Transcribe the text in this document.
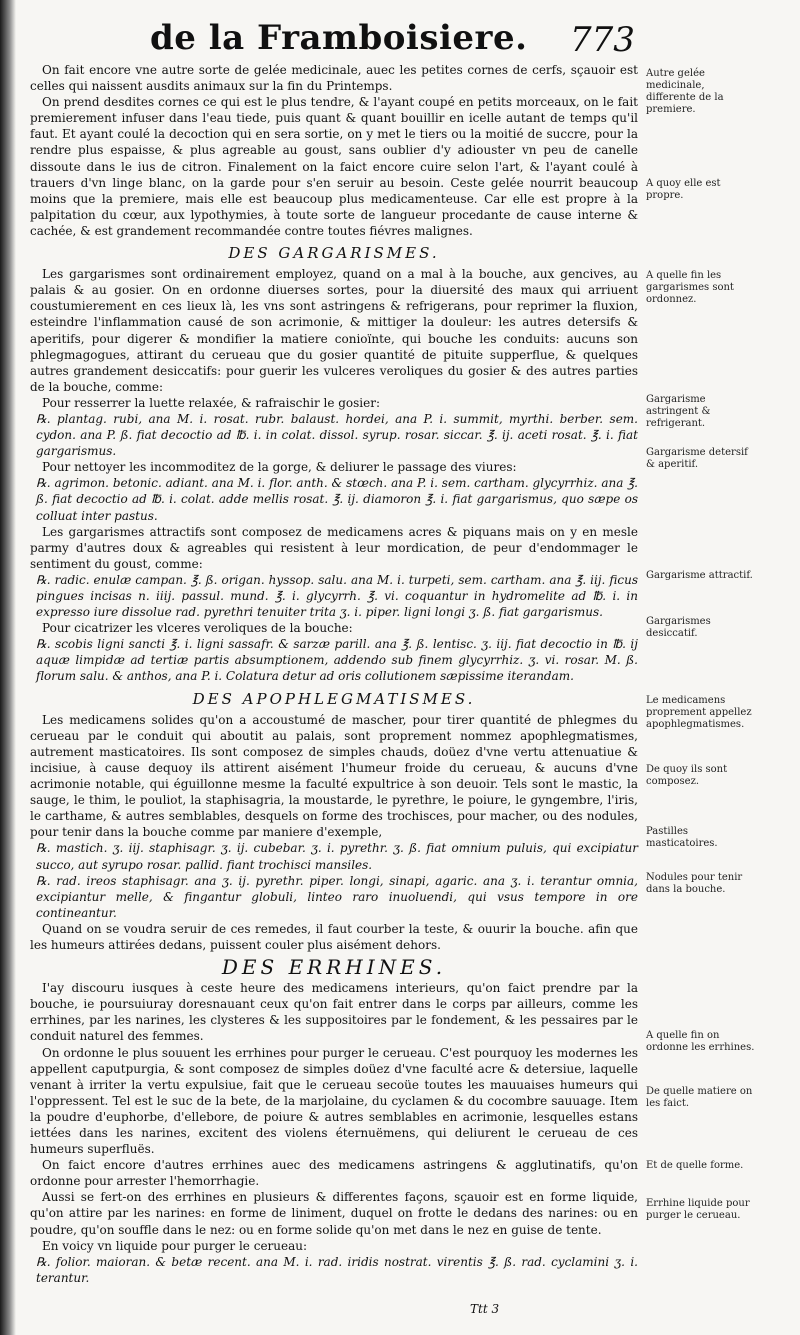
de la Framboisiere.	773

On fait encore vne autre sorte de gelée medicinale, auec les petites cornes de cerfs, sçauoir est celles qui naissent ausdits animaux sur la fin du Printemps.

On prend desdites cornes ce qui est le plus tendre, & l'ayant coupé en petits morceaux, on le fait premierement infuser dans l'eau tiede, puis quant & quant bouillir en icelle autant de temps qu'il faut. Et ayant coulé la decoction qui en sera sortie, on y met le tiers ou la moitié de succre, pour la rendre plus espaisse, & plus agreable au goust, sans oublier d'y adiouster vn peu de canelle dissoute dans le ius de citron. Finalement on la faict encore cuire selon l'art, & l'ayant coulé à trauers d'vn linge blanc, on la garde pour s'en seruir au besoin. Ceste gelée nourrit beaucoup moins que la premiere, mais elle est beaucoup plus medicamenteuse. Car elle est propre à la palpitation du cœur, aux lypothymies, à toute sorte de langueur procedante de cause interne & cachée, & est grandement recommandée contre toutes fiévres malignes.

DES GARGARISMES.

Les gargarismes sont ordinairement employez, quand on a mal à la bouche, aux gencives, au palais & au gosier. On en ordonne diuerses sortes, pour la diuersité des maux qui arriuent coustumierement en ces lieux là, les vns sont astringens & refrigerans, pour reprimer la fluxion, esteindre l'inflammation causé de son acrimonie, & mittiger la douleur: les autres detersifs & aperitifs, pour digerer & mondifier la matiere conioïnte, qui bouche les conduits: aucuns son phlegmagogues, attirant du cerueau que du gosier quantité de pituite supperflue, & quelques autres grandement desiccatifs: pour guerir les vulceres veroliques du gosier & des autres parties de la bouche, comme:

Pour resserrer la luette relaxée, & rafraischir le gosier:

℞. plantag. rubi, ana M. i. rosat. rubr. balaust. hordei, ana P. i. summit, myrthi. berber. sem. cydon. ana P. ß. fiat decoctio ad ℔. i. in colat. dissol. syrup. rosar. siccar. ℥. ij. aceti rosat. ℥. i. fiat gargarismus.

Pour nettoyer les incommoditez de la gorge, & deliurer le passage des viures:

℞. agrimon. betonic. adiant. ana M. i. flor. anth. & stœch. ana P. i. sem. cartham. glycyrrhiz. ana ℥. ß. fiat decoctio ad ℔. i. colat. adde mellis rosat. ℥. ij. diamoron ℥. i. fiat gargarismus, quo sæpe os colluat inter pastus.

Les gargarismes attractifs sont composez de medicamens acres & piquans mais on y en mesle parmy d'autres doux & agreables qui resistent à leur mordication, de peur d'endommager le sentiment du goust, comme:

℞. radic. enulæ campan. ℥. ß. origan. hyssop. salu. ana M. i. turpeti, sem. cartham. ana ℥. iij. ficus pingues incisas n. iiij. passul. mund. ℥. i. glycyrrh. ℥. vi. coquantur in hydromelite ad ℔. i. in expresso iure dissolue rad. pyrethri tenuiter trita ʒ. i. piper. ligni longi ʒ. ß. fiat gargarismus.

Pour cicatrizer les vlceres veroliques de la bouche:

℞. scobis ligni sancti ℥. i. ligni sassafr. & sarzæ parill. ana ℥. ß. lentisc. ʒ. iij. fiat decoctio in ℔. ij aquæ limpidæ ad tertiæ partis absumptionem, addendo sub finem glycyrrhiz. ʒ. vi. rosar. M. ß. florum salu. & anthos, ana P. i. Colatura detur ad oris collutionem sæpissime iterandam.

DES APOPHLEGMATISMES.

Les medicamens solides qu'on a accoustumé de mascher, pour tirer quantité de phlegmes du cerueau par le conduit qui aboutit au palais, sont proprement nommez apophlegmatismes, autrement masticatoires. Ils sont composez de simples chauds, doüez d'vne vertu attenuatiue & incisiue, à cause dequoy ils attirent aisément l'humeur froide du cerueau, & aucuns d'vne acrimonie notable, qui éguillonne mesme la faculté expultrice à son deuoir. Tels sont le mastic, la sauge, le thim, le pouliot, la staphisagria, la moustarde, le pyrethre, le poiure, le gyngembre, l'iris, le carthame, & autres semblables, desquels on forme des trochisces, pour macher, ou des nodules, pour tenir dans la bouche comme par maniere d'exemple,

℞. mastich. ʒ. iij. staphisagr. ʒ. ij. cubebar. ʒ. i. pyrethr. ʒ. ß. fiat omnium puluis, qui excipiatur succo, aut syrupo rosar. pallid. fiant trochisci mansiles.

℞. rad. ireos staphisagr. ana ʒ. ij. pyrethr. piper. longi, sinapi, agaric. ana ʒ. i. terantur omnia, excipiantur melle, & fingantur globuli, linteo raro inuoluendi, qui vsus tempore in ore contineantur.

Quand on se voudra seruir de ces remedes, il faut courber la teste, & ouurir la bouche. afin que les humeurs attirées dedans, puissent couler plus aisément dehors.

DES ERRHINES.

I'ay discouru iusques à ceste heure des medicamens interieurs, qu'on faict prendre par la bouche, ie poursuiuray doresnauant ceux qu'on fait entrer dans le corps par ailleurs, comme les errhines, par les narines, les clysteres & les suppositoires par le fondement, & les pessaires par le conduit naturel des femmes.

On ordonne le plus souuent les errhines pour purger le cerueau. C'est pourquoy les modernes les appellent caputpurgia, & sont composez de simples doüez d'vne faculté acre & detersiue, laquelle venant à irriter la vertu expulsiue, fait que le cerueau secoüe toutes les mauuaises humeurs qui l'oppressent. Tel est le suc de la bete, de la marjolaine, du cyclamen & du cocombre sauuage. Item la poudre d'euphorbe, d'ellebore, de poiure & autres semblables en acrimonie, lesquelles estans iettées dans les narines, excitent des violens éternuëmens, qui deliurent le cerueau de ces humeurs superfluës.

On faict encore d'autres errhines auec des medicamens astringens & agglutinatifs, qu'on ordonne pour arrester l'hemorrhagie.

Aussi se fert-on des errhines en plusieurs & differentes façons, sçauoir est en forme liquide, qu'on attire par les narines: en forme de liniment, duquel on frotte le dedans des narines: ou en poudre, qu'on souffle dans le nez: ou en forme solide qu'on met dans le nez en guise de tente.

En voicy vn liquide pour purger le cerueau:

℞. folior. maioran. & betæ recent. ana M. i. rad. iridis nostrat. virentis ℥. ß. rad. cyclamini ʒ. i. terantur.

Ttt 3
Autre gelée medicinale, differente de la premiere.
A quoy elle est propre.
A quelle fin les gargarismes sont ordonnez.
Gargarisme astringent & refrigerant.
Gargarisme detersif & aperitif.
Gargarisme attractif.
Gargarismes desiccatif.
Le medicamens proprement appellez apophlegmatismes.
De quoy ils sont composez.
Pastilles masticatoires.
Nodules pour tenir dans la bouche.
A quelle fin on ordonne les errhines.
De quelle matiere on les faict.
Et de quelle forme.
Errhine liquide pour purger le cerueau.
